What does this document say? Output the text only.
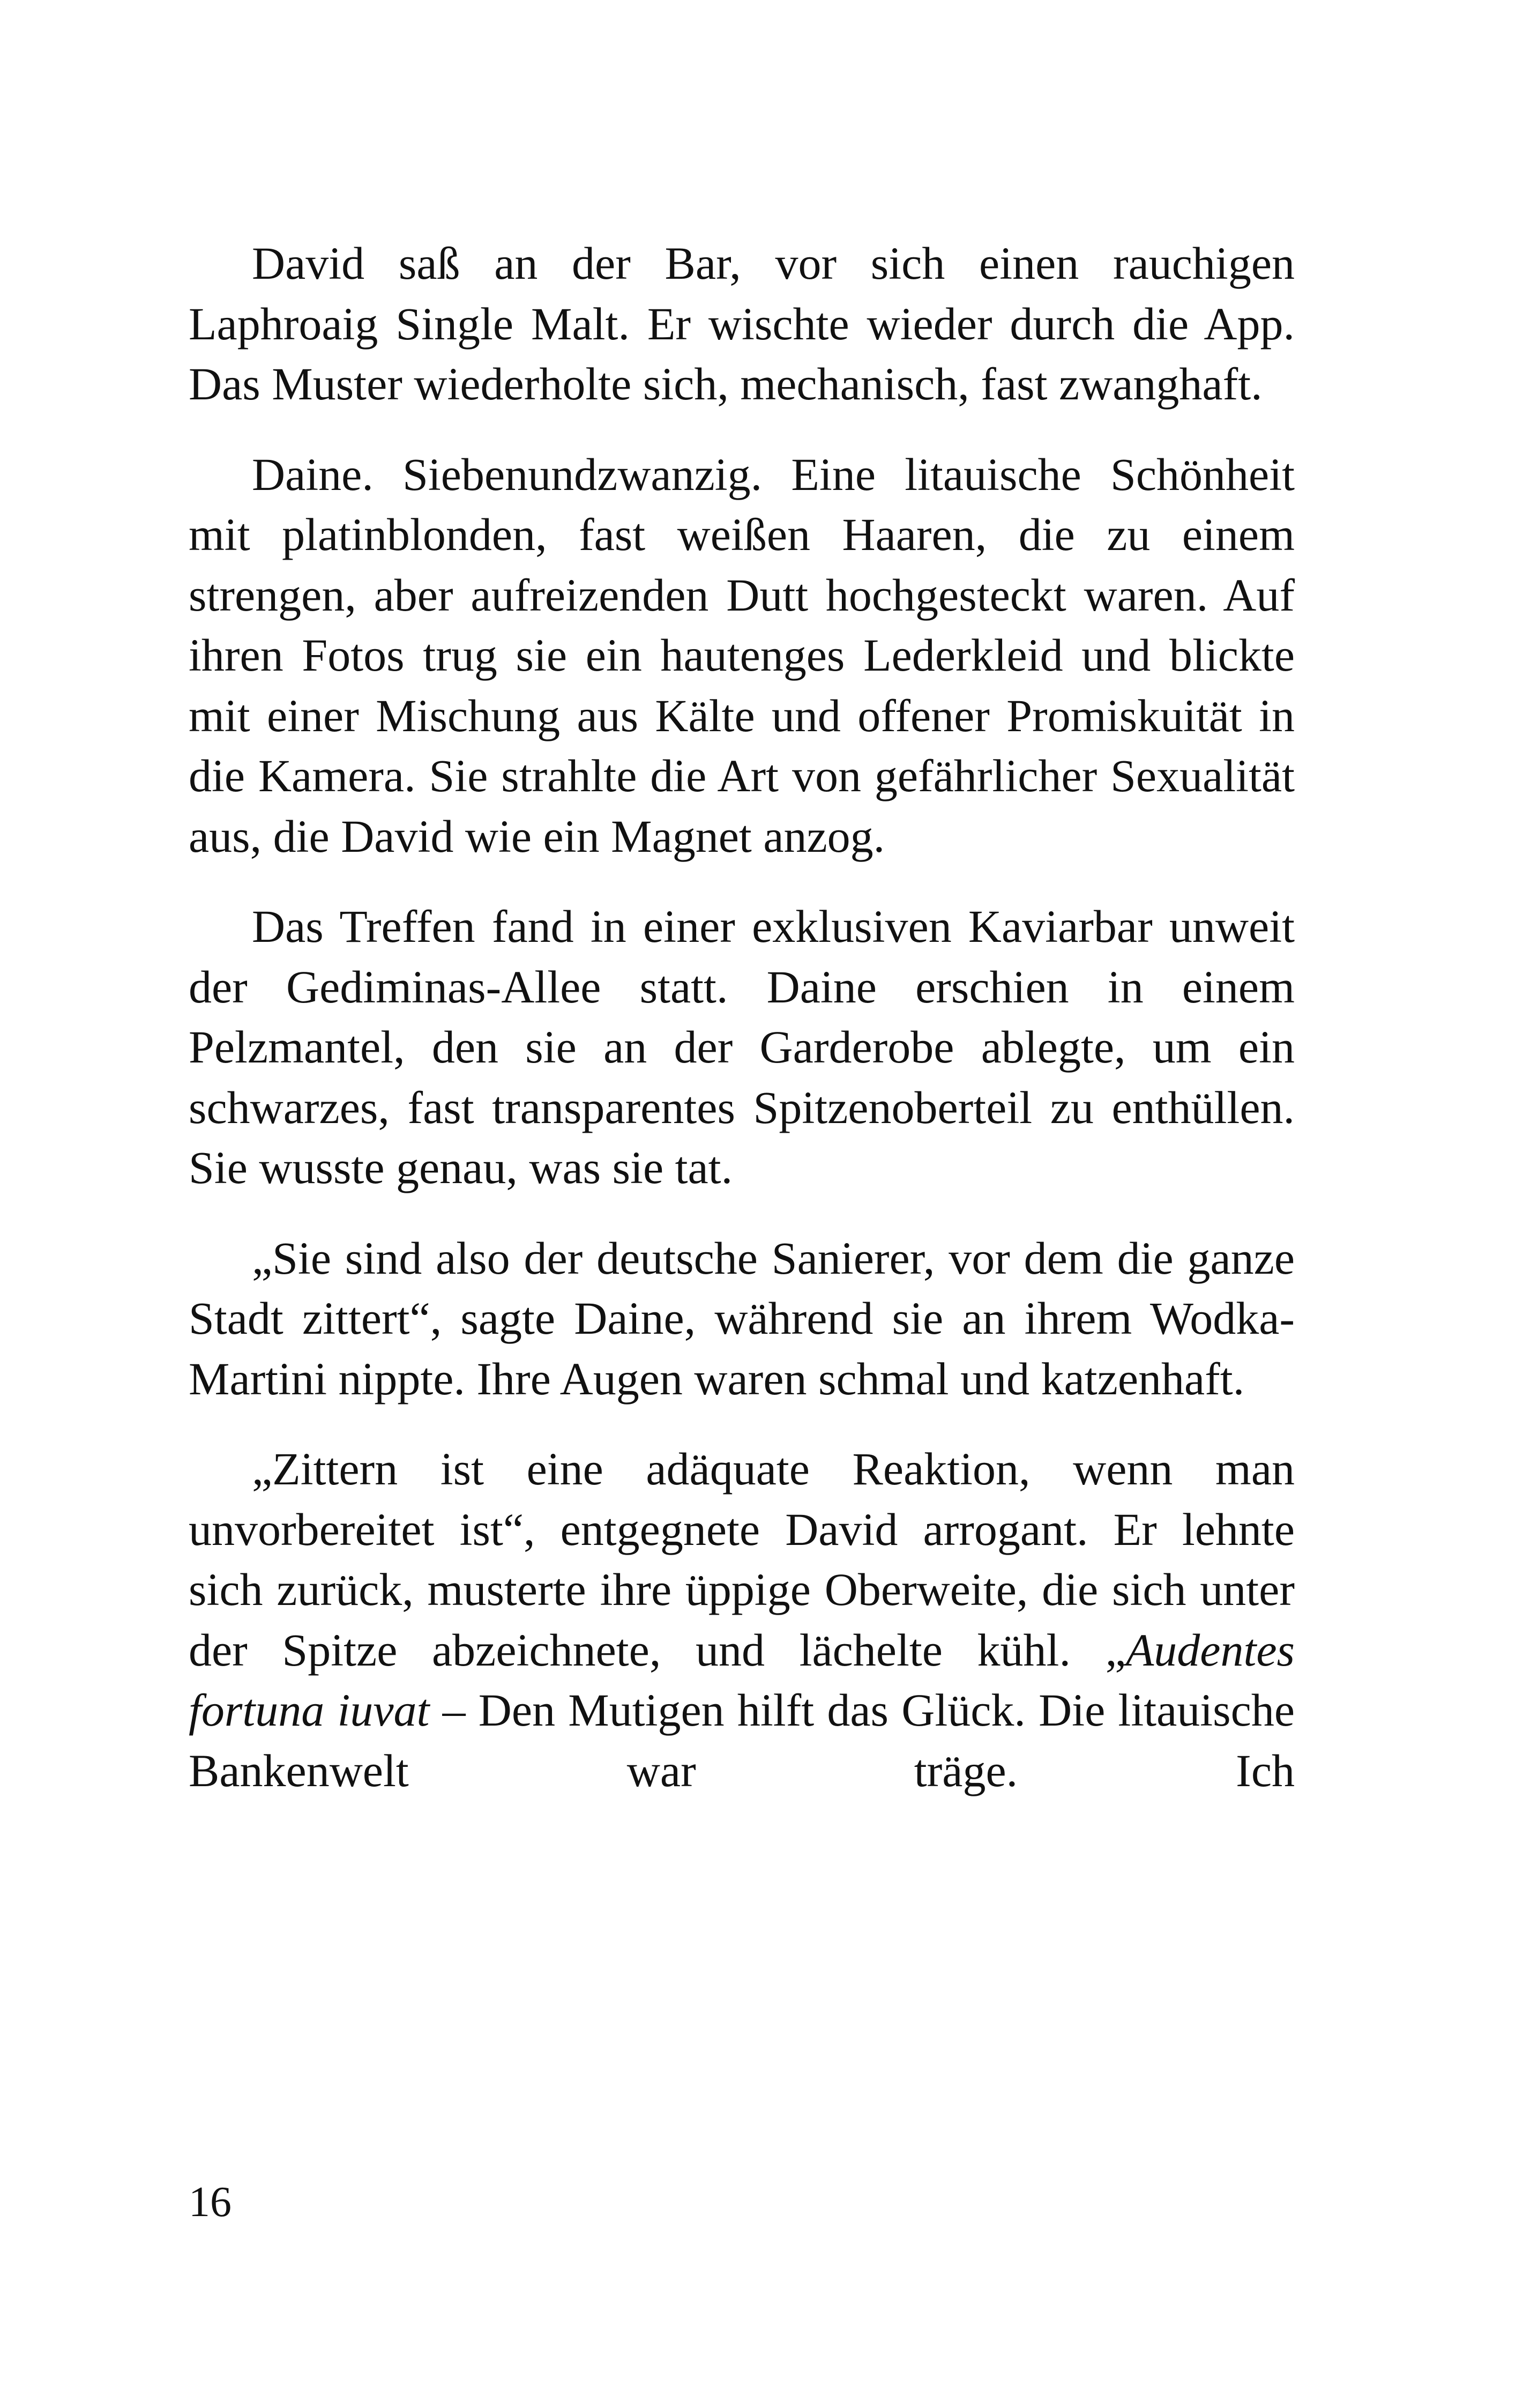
David saß an der Bar, vor sich einen rauchigen Laphroaig Single Malt. Er wischte wieder durch die App. Das Muster wiederholte sich, mechanisch, fast zwanghaft.

Daine. Siebenundzwanzig. Eine litauische Schönheit mit platinblonden, fast weißen Haaren, die zu einem strengen, aber aufreizenden Dutt hochgesteckt waren. Auf ihren Fotos trug sie ein hautenges Lederkleid und blickte mit einer Mischung aus Kälte und offener Promiskuität in die Kamera. Sie strahlte die Art von gefährlicher Sexualität aus, die David wie ein Magnet anzog.

Das Treffen fand in einer exklusiven Kaviarbar unweit der Gediminas-Allee statt. Daine erschien in einem Pelzmantel, den sie an der Garderobe ablegte, um ein schwarzes, fast transparentes Spitzenoberteil zu enthüllen. Sie wusste genau, was sie tat.

„Sie sind also der deutsche Sanierer, vor dem die ganze Stadt zittert“, sagte Daine, während sie an ihrem Wodka-Martini nippte. Ihre Augen waren schmal und katzenhaft.

„Zittern ist eine adäquate Reaktion, wenn man unvorbereitet ist“, entgegnete David arrogant. Er lehnte sich zurück, musterte ihre üppige Oberweite, die sich unter der Spitze abzeichnete, und lächelte kühl. „Audentes fortuna iuvat – Den Mutigen hilft das Glück. Die litauische Bankenwelt war träge. Ich

16
